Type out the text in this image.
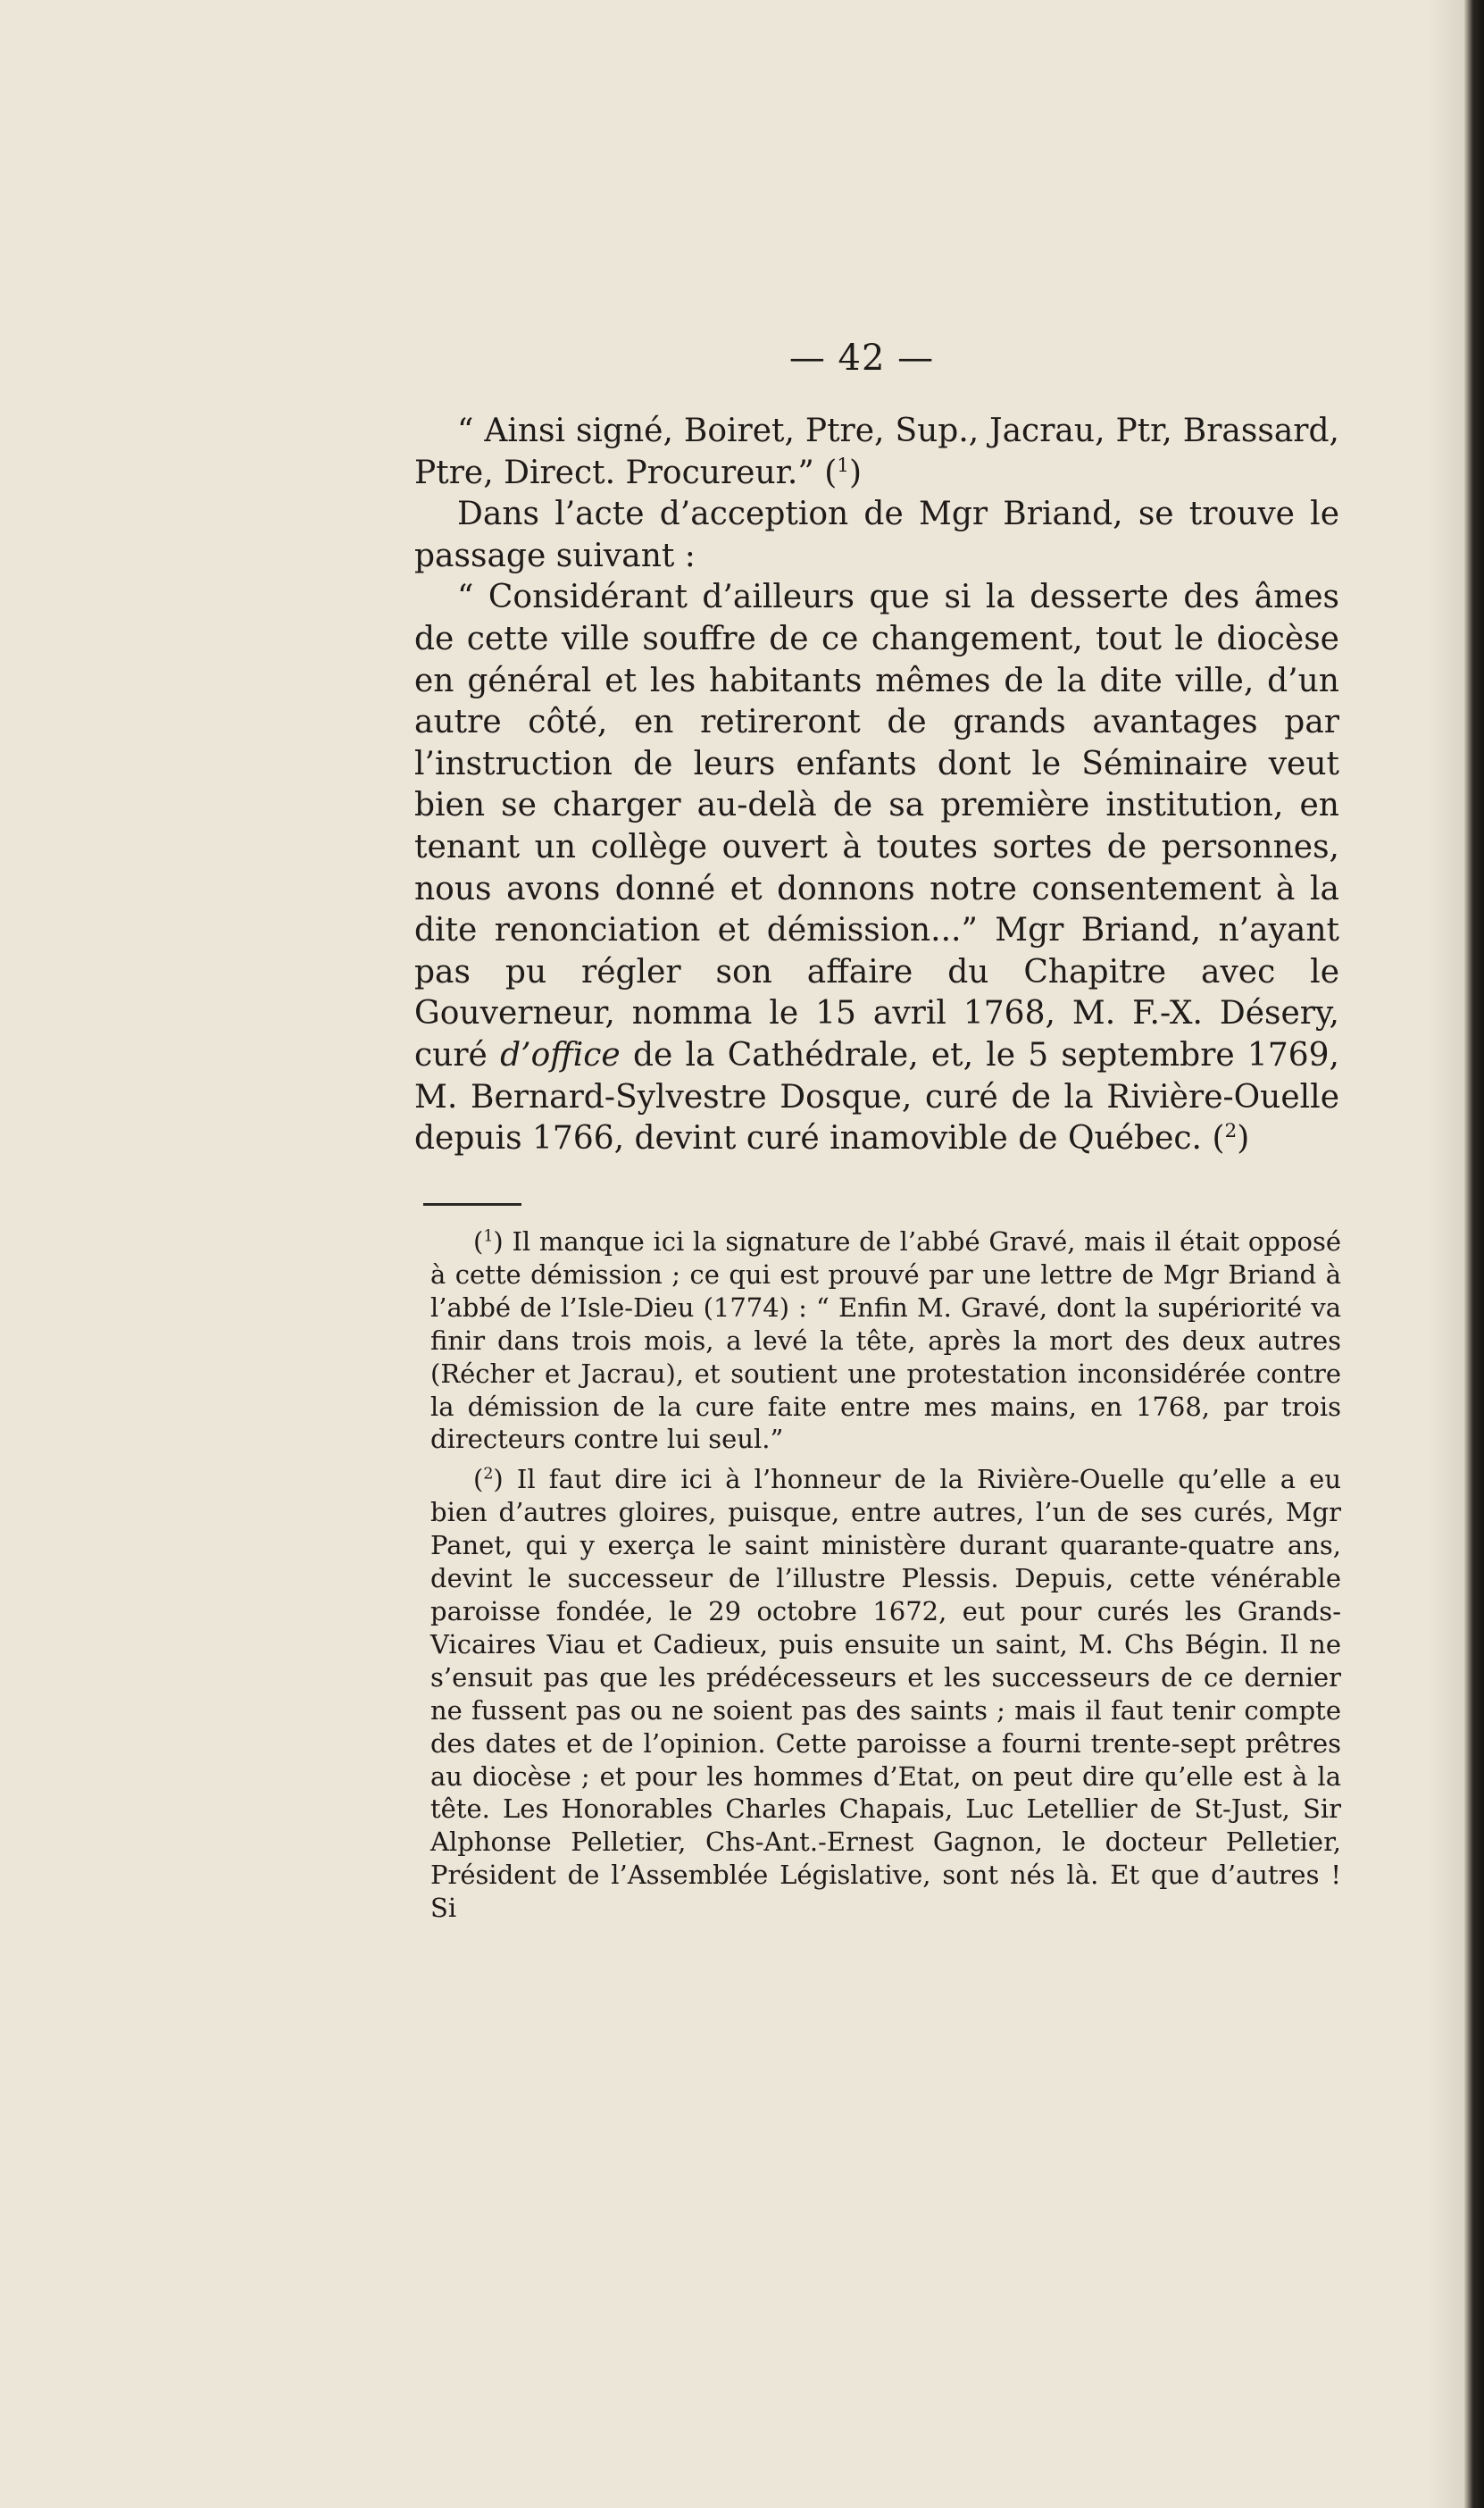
— 42 —

“ Ainsi signé, Boiret, Ptre, Sup., Jacrau, Ptr, Brassard, Ptre, Direct. Procureur.” ($^1$)

Dans l’acte d’acception de Mgr Briand, se trouve le passage suivant :

“ Considérant d’ailleurs que si la desserte des âmes de cette ville souffre de ce changement, tout le diocèse en général et les habitants mêmes de la dite ville, d’un autre côté, en retireront de grands avantages par l’instruction de leurs enfants dont le Séminaire veut bien se charger au-delà de sa première institution, en tenant un collège ouvert à toutes sortes de personnes, nous avons donné et donnons notre consentement à la dite renonciation et démission...” Mgr Briand, n’ayant pas pu régler son affaire du Chapitre avec le Gouverneur, nomma le 15 avril 1768, M. F.-X. Désery, curé d’office de la Cathédrale, et, le 5 septembre 1769, M. Bernard-Sylvestre Dosque, curé de la Rivière-Ouelle depuis 1766, devint curé inamovible de Québec. ($^2$)

($^1$) Il manque ici la signature de l’abbé Gravé, mais il était opposé à cette démission ; ce qui est prouvé par une lettre de Mgr Briand à l’abbé de l’Isle-Dieu (1774) : “ Enfin M. Gravé, dont la supériorité va finir dans trois mois, a levé la tête, après la mort des deux autres (Récher et Jacrau), et soutient une protestation inconsidérée contre la démission de la cure faite entre mes mains, en 1768, par trois directeurs contre lui seul.”

($^2$) Il faut dire ici à l’honneur de la Rivière-Ouelle qu’elle a eu bien d’autres gloires, puisque, entre autres, l’un de ses curés, Mgr Panet, qui y exerça le saint ministère durant quarante-quatre ans, devint le successeur de l’illustre Plessis. Depuis, cette vénérable paroisse fondée, le 29 octobre 1672, eut pour curés les Grands-Vicaires Viau et Cadieux, puis ensuite un saint, M. Chs Bégin. Il ne s’ensuit pas que les prédécesseurs et les successeurs de ce dernier ne fussent pas ou ne soient pas des saints ; mais il faut tenir compte des dates et de l’opinion. Cette paroisse a fourni trente-sept prêtres au diocèse ; et pour les hommes d’Etat, on peut dire qu’elle est à la tête. Les Honorables Charles Chapais, Luc Letellier de St-Just, Sir Alphonse Pelletier, Chs-Ant.-Ernest Gagnon, le docteur Pelletier, Président de l’Assemblée Législative, sont nés là. Et que d’autres ! Si
